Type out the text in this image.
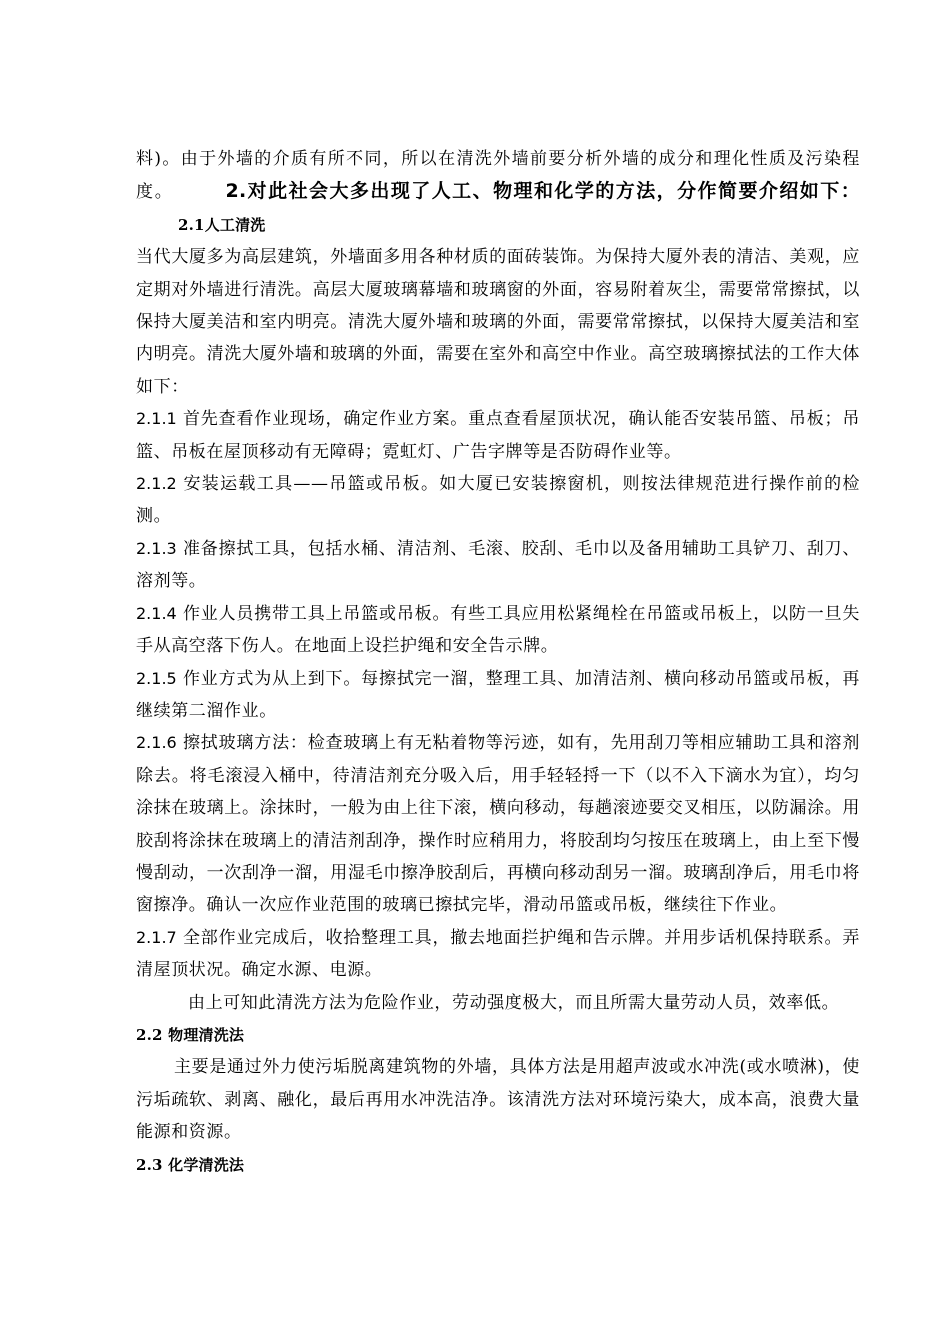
料)。由于外墙的介质有所不同，所以在清洗外墙前要分析外墙的成分和理化性质及污染程度。	2.对此社会大多出现了人工、物理和化学的方法，分作简要介绍如下：2.1人工清洗

当代大厦多为高层建筑，外墙面多用各种材质的面砖装饰。为保持大厦外表的清洁、美观，应定期对外墙进行清洗。高层大厦玻璃幕墙和玻璃窗的外面，容易附着灰尘，需要常常擦拭，以保持大厦美洁和室内明亮。清洗大厦外墙和玻璃的外面，需要常常擦拭，以保持大厦美洁和室内明亮。清洗大厦外墙和玻璃的外面，需要在室外和高空中作业。高空玻璃擦拭法的工作大体如下：

2.1.1 首先查看作业现场，确定作业方案。重点查看屋顶状况，确认能否安装吊篮、吊板；吊篮、吊板在屋顶移动有无障碍；霓虹灯、广告字牌等是否防碍作业等。

2.1.2 安装运载工具——吊篮或吊板。如大厦已安装擦窗机，则按法律规范进行操作前的检测。

2.1.3 准备擦拭工具，包括水桶、清洁剂、毛滚、胶刮、毛巾以及备用辅助工具铲刀、刮刀、溶剂等。

2.1.4 作业人员携带工具上吊篮或吊板。有些工具应用松紧绳栓在吊篮或吊板上，以防一旦失手从高空落下伤人。在地面上设拦护绳和安全告示牌。

2.1.5 作业方式为从上到下。每擦拭完一溜，整理工具、加清洁剂、横向移动吊篮或吊板，再继续第二溜作业。

2.1.6 擦拭玻璃方法：检查玻璃上有无粘着物等污迹，如有，先用刮刀等相应辅助工具和溶剂除去。将毛滚浸入桶中，待清洁剂充分吸入后，用手轻轻捋一下（以不入下滴水为宜），均匀涂抹在玻璃上。涂抹时，一般为由上往下滚，横向移动，每趟滚迹要交叉相压，以防漏涂。用胶刮将涂抹在玻璃上的清洁剂刮净，操作时应稍用力，将胶刮均匀按压在玻璃上，由上至下慢慢刮动，一次刮净一溜，用湿毛巾擦净胶刮后，再横向移动刮另一溜。玻璃刮净后，用毛巾将窗擦净。确认一次应作业范围的玻璃已擦拭完毕，滑动吊篮或吊板，继续往下作业。

2.1.7 全部作业完成后，收拾整理工具，撤去地面拦护绳和告示牌。并用步话机保持联系。弄清屋顶状况。确定水源、电源。

由上可知此清洗方法为危险作业，劳动强度极大，而且所需大量劳动人员，效率低。

2.2 物理清洗法

主要是通过外力使污垢脱离建筑物的外墙，具体方法是用超声波或水冲洗(或水喷淋)，使污垢疏软、剥离、融化，最后再用水冲洗洁净。该清洗方法对环境污染大，成本高，浪费大量能源和资源。

2.3 化学清洗法
